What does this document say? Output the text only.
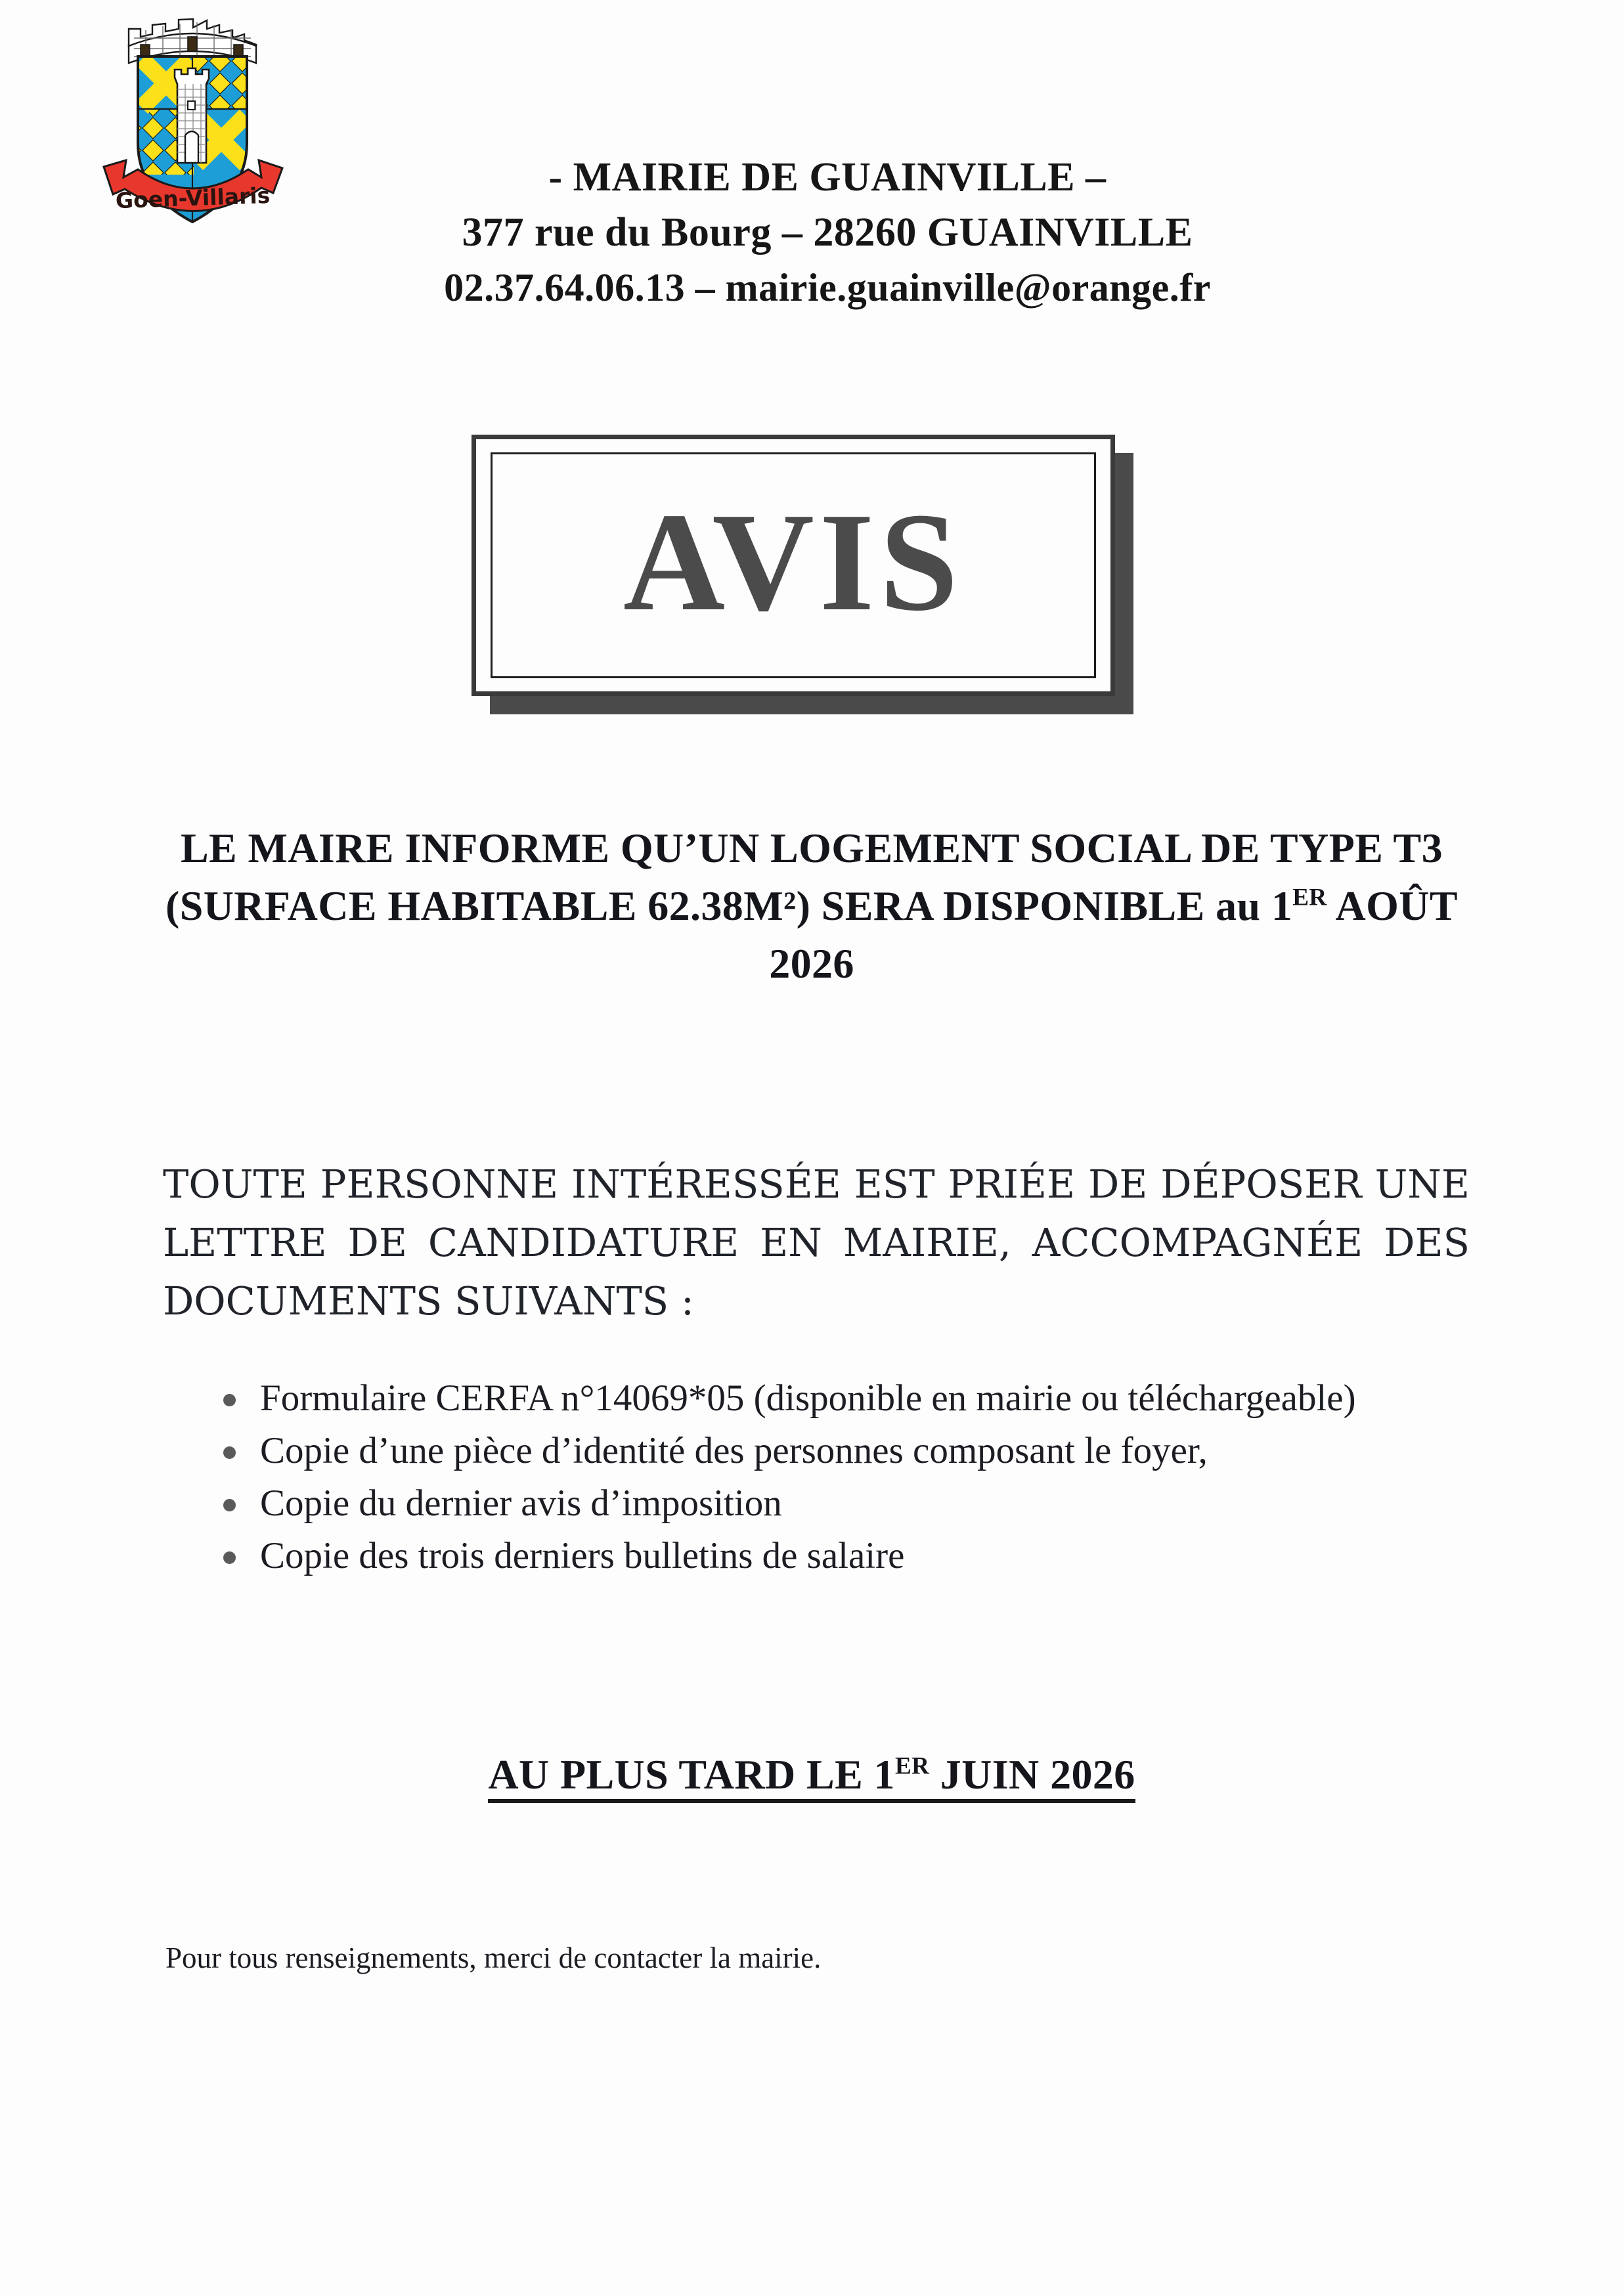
Goen-Villaris	- MAIRIE DE GUAINVILLE –
377 rue du Bourg – 28260 GUAINVILLE
02.37.64.06.13 – mairie.guainville@orange.fr
AVIS
LE MAIRE INFORME QU’UN LOGEMENT SOCIAL DE TYPE T3 (SURFACE HABITABLE 62.38M²) SERA DISPONIBLE au 1ER AOÛT 2026

TOUTE PERSONNE INTÉRESSÉE EST PRIÉE DE DÉPOSER UNE LETTRE DE CANDIDATURE EN MAIRIE, ACCOMPAGNÉE DES DOCUMENTS SUIVANTS :

Formulaire CERFA n°14069*05 (disponible en mairie ou téléchargeable)
Copie d’une pièce d’identité des personnes composant le foyer,
Copie du dernier avis d’imposition
Copie des trois derniers bulletins de salaire
AU PLUS TARD LE 1ER JUIN 2026
Pour tous renseignements, merci de contacter la mairie.
